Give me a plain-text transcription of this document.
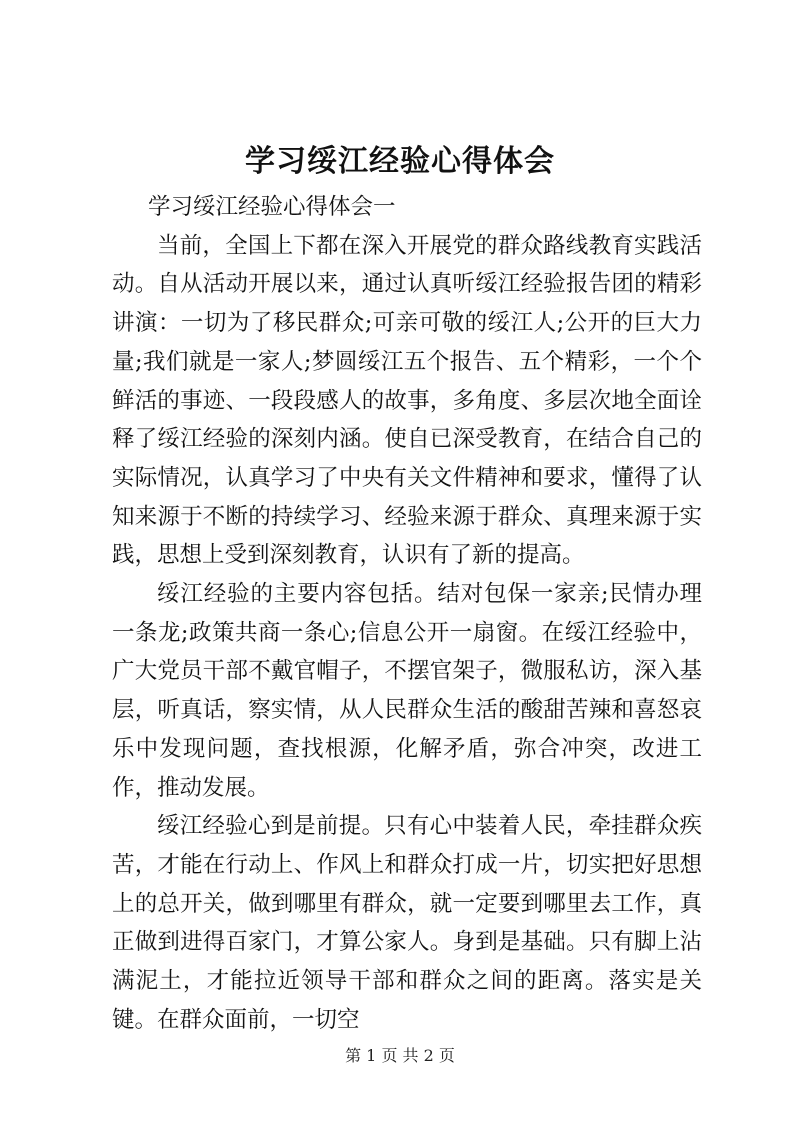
学习绥江经验心得体会

学习绥江经验心得体会一

当前，全国上下都在深入开展党的群众路线教育实践活动。自从活动开展以来，通过认真听绥江经验报告团的精彩讲演：一切为了移民群众;可亲可敬的绥江人;公开的巨大力量;我们就是一家人;梦圆绥江五个报告、五个精彩，一个个鲜活的事迹、一段段感人的故事，多角度、多层次地全面诠释了绥江经验的深刻内涵。使自已深受教育，在结合自己的实际情况，认真学习了中央有关文件精神和要求，懂得了认知来源于不断的持续学习、经验来源于群众、真理来源于实践，思想上受到深刻教育，认识有了新的提高。

绥江经验的主要内容包括。结对包保一家亲;民情办理一条龙;政策共商一条心;信息公开一扇窗。在绥江经验中，广大党员干部不戴官帽子，不摆官架子，微服私访，深入基层，听真话，察实情，从人民群众生活的酸甜苦辣和喜怒哀乐中发现问题，查找根源，化解矛盾，弥合冲突，改进工作，推动发展。

绥江经验心到是前提。只有心中装着人民，牵挂群众疾苦，才能在行动上、作风上和群众打成一片，切实把好思想上的总开关，做到哪里有群众，就一定要到哪里去工作，真正做到进得百家门，才算公家人。身到是基础。只有脚上沾满泥土，才能拉近领导干部和群众之间的距离。落实是关键。在群众面前，一切空

第 1 页 共 2 页
